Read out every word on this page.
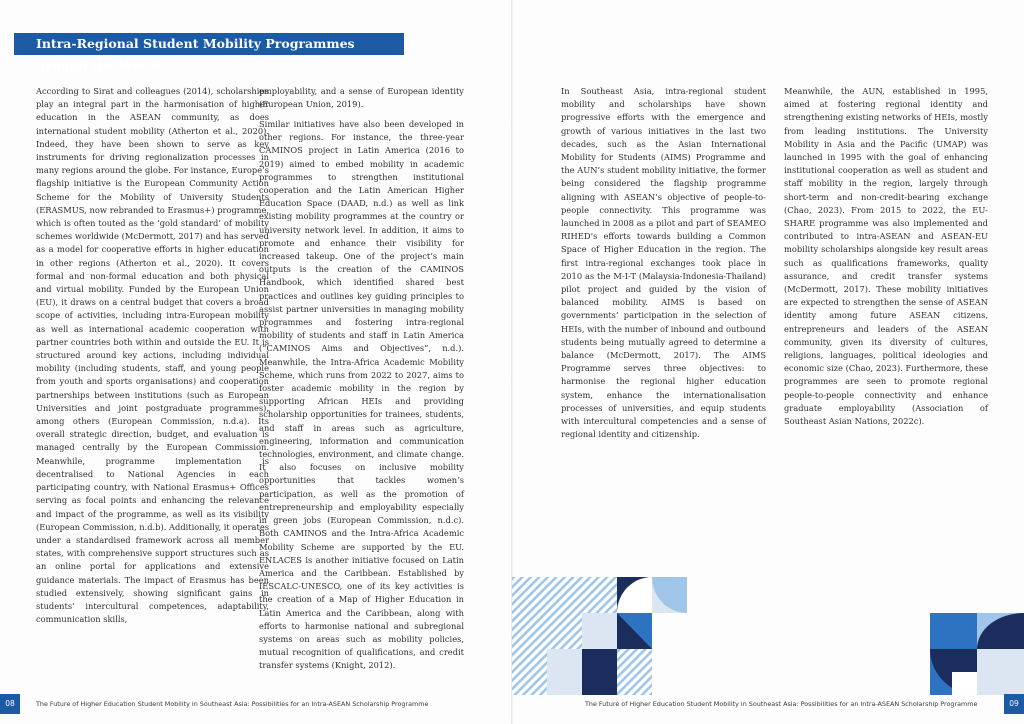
Intra-Regional Student Mobility Programmes Around the World

According to Sirat and colleagues (2014), scholarships play an integral part in the harmonisation of higher education in the ASEAN community, as does international student mobility (Atherton et al., 2020). Indeed, they have been shown to serve as key instruments for driving regionalization processes in many regions around the globe. For instance, Europe’s flagship initiative is the European Community Action Scheme for the Mobility of University Students (ERASMUS, now rebranded to Erasmus+) programme, which is often touted as the ‘gold standard’ of mobility schemes worldwide (McDermott, 2017) and has served as a model for cooperative efforts in higher education in other regions (Atherton et al., 2020). It covers formal and non-formal education and both physical and virtual mobility. Funded by the European Union (EU), it draws on a central budget that covers a broad scope of activities, including intra-European mobility as well as international academic cooperation with partner countries both within and outside the EU. It is structured around key actions, including individual mobility (including students, staff, and young people from youth and sports organisations) and cooperation partnerships between institutions (such as European Universities and joint postgraduate programmes), among others (European Commission, n.d.a). Its overall strategic direction, budget, and evaluation is managed centrally by the European Commission. Meanwhile, programme implementation is decentralised to National Agencies in each participating country, with National Erasmus+ Offices serving as focal points and enhancing the relevance and impact of the programme, as well as its visibility (European Commission, n.d.b). Additionally, it operates under a standardised framework across all member states, with comprehensive support structures such as an online portal for applications and extensive guidance materials. The impact of Erasmus has been studied extensively, showing significant gains in students’ intercultural competences, adaptability, communication skills,

employability, and a sense of European identity (European Union, 2019).

Similar initiatives have also been developed in other regions. For instance, the three-year CAMINOS project in Latin America (2016 to 2019) aimed to embed mobility in academic programmes to strengthen institutional cooperation and the Latin American Higher Education Space (DAAD, n.d.) as well as link existing mobility programmes at the country or university network level. In addition, it aims to promote and enhance their visibility for increased takeup. One of the project’s main outputs is the creation of the CAMINOS Handbook, which identified shared best practices and outlines key guiding principles to assist partner universities in managing mobility programmes and fostering intra-regional mobility of students and staff in Latin America (“CAMINOS Aims and Objectives”, n.d.). Meanwhile, the Intra-Africa Academic Mobility Scheme, which runs from 2022 to 2027, aims to foster academic mobility in the region by supporting African HEIs and providing scholarship opportunities for trainees, students, and staff in areas such as agriculture, engineering, information and communication technologies, environment, and climate change. It also focuses on inclusive mobility opportunities that tackles women’s participation, as well as the promotion of entrepreneurship and employability especially in green jobs (European Commission, n.d.c). Both CAMINOS and the Intra-Africa Academic Mobility Scheme are supported by the EU. ENLACES is another initiative focused on Latin America and the Caribbean. Established by IESCALC-UNESCO, one of its key activities is the creation of a Map of Higher Education in Latin America and the Caribbean, along with efforts to harmonise national and subregional systems on areas such as mobility policies, mutual recognition of qualifications, and credit transfer systems (Knight, 2012).

In Southeast Asia, intra-regional student mobility and scholarships have shown progressive efforts with the emergence and growth of various initiatives in the last two decades, such as the Asian International Mobility for Students (AIMS) Programme and the AUN’s student mobility initiative, the former being considered the flagship programme aligning with ASEAN’s objective of people-to-people connectivity. This programme was launched in 2008 as a pilot and part of SEAMEO RIHED’s efforts towards building a Common Space of Higher Education in the region. The first intra-regional exchanges took place in 2010 as the M-I-T (Malaysia-Indonesia-Thailand) pilot project and guided by the vision of balanced mobility. AIMS is based on governments’ participation in the selection of HEIs, with the number of inbound and outbound students being mutually agreed to determine a balance (McDermott, 2017). The AIMS Programme serves three objectives: to harmonise the regional higher education system, enhance the internationalisation processes of universities, and equip students with intercultural competencies and a sense of regional identity and citizenship.

Meanwhile, the AUN, established in 1995, aimed at fostering regional identity and strengthening existing networks of HEIs, mostly from leading institutions. The University Mobility in Asia and the Pacific (UMAP) was launched in 1995 with the goal of enhancing institutional cooperation as well as student and staff mobility in the region, largely through short-term and non-credit-bearing exchange (Chao, 2023). From 2015 to 2022, the EU-SHARE programme was also implemented and contributed to intra-ASEAN and ASEAN-EU mobility scholarships alongside key result areas such as qualifications frameworks, quality assurance, and credit transfer systems (McDermott, 2017). These mobility initiatives are expected to strengthen the sense of ASEAN identity among future ASEAN citizens, entrepreneurs and leaders of the ASEAN community, given its diversity of cultures, religions, languages, political ideologies and economic size (Chao, 2023). Furthermore, these programmes are seen to promote regional people-to-people connectivity and enhance graduate employability (Association of Southeast Asian Nations, 2022c).

08	The Future of Higher Education Student Mobility in Southeast Asia: Possibilities for an Intra-ASEAN Scholarship Programme	The Future of Higher Education Student Mobility in Southeast Asia: Possibilities for an Intra-ASEAN Scholarship Programme	09
